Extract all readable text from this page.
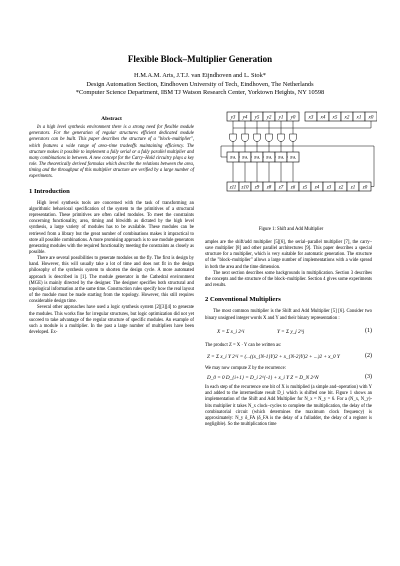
Flexible Block–Multiplier Generation
H.M.A.M. Arts, J.T.J. van Eijndhoven and L. Stok*
Design Automation Section, Eindhoven University of Tech, Eindhoven, The Netherlands
*Computer Science Department, IBM TJ Watson Research Center, Yorktown Heights, NY 10598
Abstract

In a high level synthesis environment there is a strong need for flexible module generators. For the generation of regular structures efficient dedicated module generators can be built. This paper describes the structure of a "block–multiplier", which features a wide range of area–time tradeoffs maintaining efficiency. The structure makes it possible to implement a fully serial or a fully parallel multiplier and many combinations in between. A new concept for the Carry–Hold circuitry plays a key role. The theoretically derived formulas which describe the relations between the area, timing and the throughput of this multiplier structure are verified by a large number of experiments.

1 Introduction

High level synthesis tools are concerned with the task of transforming an algorithmic behavioral specification of the system to the primitives of a structural representation. These primitives are often called modules. To meet the constraints concerning functionality, area, timing and bitwidth as dictated by the high level synthesis, a large variety of modules has to be available. These modules can be retrieved from a library but the great number of combinations makes it impractical to store all possible combinations. A more promising approach is to use module generators generating modules with the required functionality meeting the constraints as closely as possible.

There are several possibilities to generate modules on the fly. The first is design by hand. However, this will usually take a lot of time and does not fit in the design philosophy of the synthesis system to shorten the design cycle. A more automated approach is described in [1]. The module generator in the Cathedral environment (MGE) is mainly directed by the designer. The designer specifies both structural and topological information at the same time. Construction rules specify how the real layout of the module must be made starting from the topology. However, this still requires considerable design time.

Several other approaches have used a logic synthesis system [2][3][4] to generate the modules. This works fine for irregular structures, but logic optimization did not yet succeed to take advantage of the regular structure of specific modules. An example of such a module is a multiplier. In the past a large number of multipliers have been developed. Ex-

y3 y4 y5 y2 y1 y0	x3 x4 x5 x2 x1 x0
FA FA FA FA FA FA
z11 z10 z9 z8 z7 z6 z5 z4 z3 z2 z1 z0
Figure 1: Shift and Add Multiplier

amples are the shift/add multiplier [5][6], the serial–parallel multiplier [7], the carry–save multiplier [8] and other parallel architectures [9]. This paper describes a special structure for a multiplier, which is very suitable for automatic generation. The structure of the "block–multiplier" allows a large number of implementations with a wide spread in both the area and the time dimension.

The next section describes some backgrounds in multiplication. Section 3 describes the concepts and the structure of the block–multiplier. Section 4 gives some experiments and results.

2 Conventional Multipliers

The most common multiplier is the Shift and Add Multiplier [5] [6]. Consider two binary unsigned integer words X and Y and their binary representation :

X = Σ x_i 2^i	Y = Σ y_j 2^j	(1)

The product Z = X · Y can be written as:

Z = Σ x_i Y 2^i = (...((x_{N-1}Y)2 + x_{N-2}Y)2 + ...)2 + x_0 Y	(2)

We may now compute Z by the recurrence:

D_0 = 0 D_{i+1} = D_i 2^{-1} + x_i Y Z = D_N 2^N	(3)

In each step of the recurrence one bit of X is multiplied (a simple and–operation) with Y and added to the intermediate result D_i which is shifted one bit. Figure 1 shows an implementation of the Shift and Add Multiplier for N_x = N_y = 6. For a (N_x, N_y)-bits multiplier it takes N_x clock–cycles to complete the multiplication, the delay of the combinatorial circuit (which determines the maximum clock frequency) is approximately: N_y δ_FA (δ_FA is the delay of a fulladder, the delay of a register is negligible). So the multiplication time
